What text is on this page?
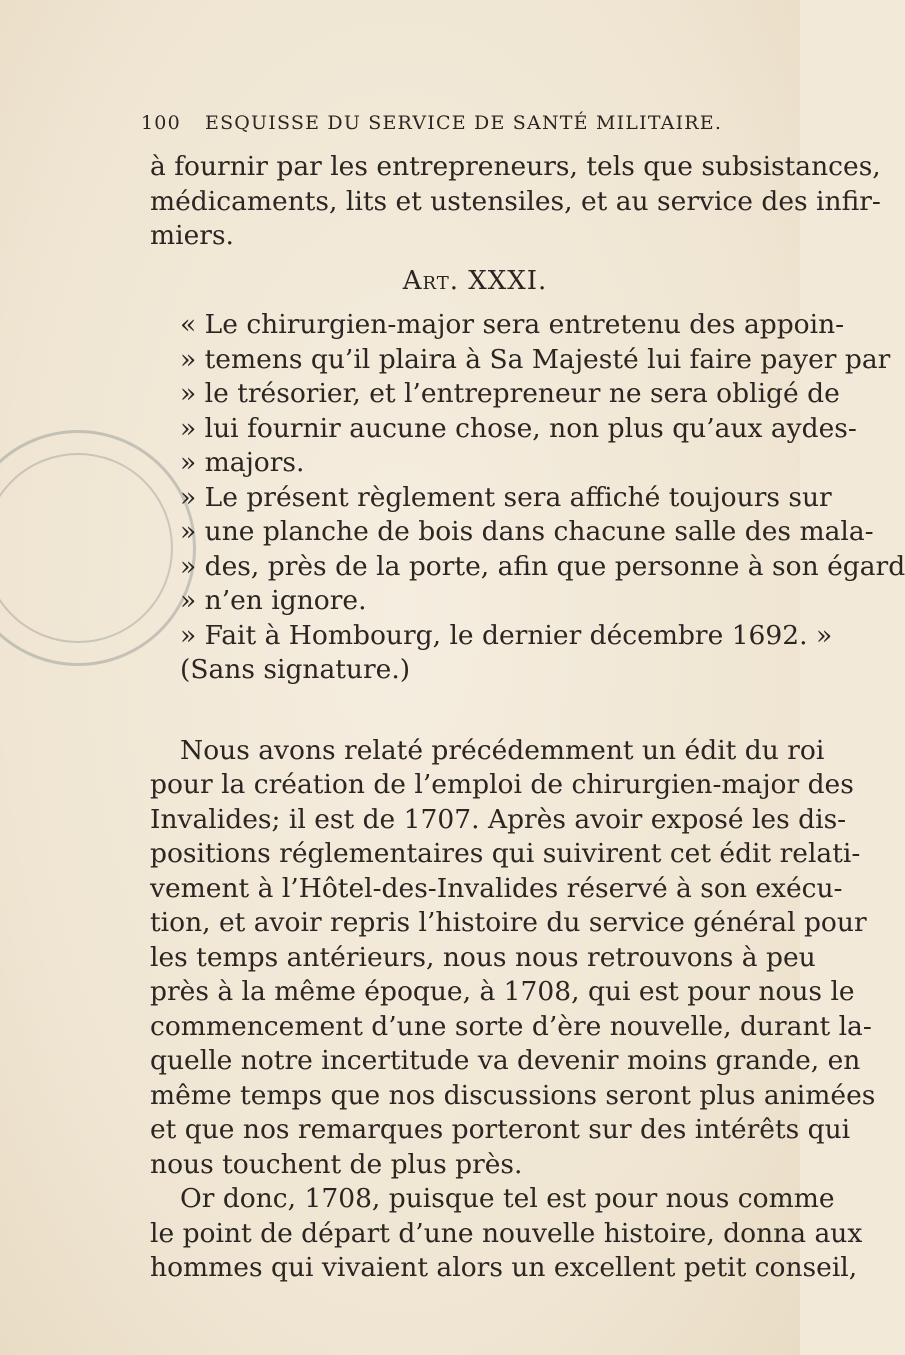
100 ESQUISSE DU SERVICE DE SANTÉ MILITAIRE.
à fournir par les entrepreneurs, tels que subsistances,
médicaments, lits et ustensiles, et au service des infir-
miers.
Art. XXXI.
« Le chirurgien-major sera entretenu des appoin-
» temens qu’il plaira à Sa Majesté lui faire payer par
» le trésorier, et l’entrepreneur ne sera obligé de
» lui fournir aucune chose, non plus qu’aux aydes-
» majors.
» Le présent règlement sera affiché toujours sur
» une planche de bois dans chacune salle des mala-
» des, près de la porte, afin que personne à son égard
» n’en ignore.
» Fait à Hombourg, le dernier décembre 1692. »
(Sans signature.)
Nous avons relaté précédemment un édit du roi
pour la création de l’emploi de chirurgien-major des
Invalides; il est de 1707. Après avoir exposé les dis-
positions réglementaires qui suivirent cet édit relati-
vement à l’Hôtel-des-Invalides réservé à son exécu-
tion, et avoir repris l’histoire du service général pour
les temps antérieurs, nous nous retrouvons à peu
près à la même époque, à 1708, qui est pour nous le
commencement d’une sorte d’ère nouvelle, durant la-
quelle notre incertitude va devenir moins grande, en
même temps que nos discussions seront plus animées
et que nos remarques porteront sur des intérêts qui
nous touchent de plus près.
Or donc, 1708, puisque tel est pour nous comme
le point de départ d’une nouvelle histoire, donna aux
hommes qui vivaient alors un excellent petit conseil,
